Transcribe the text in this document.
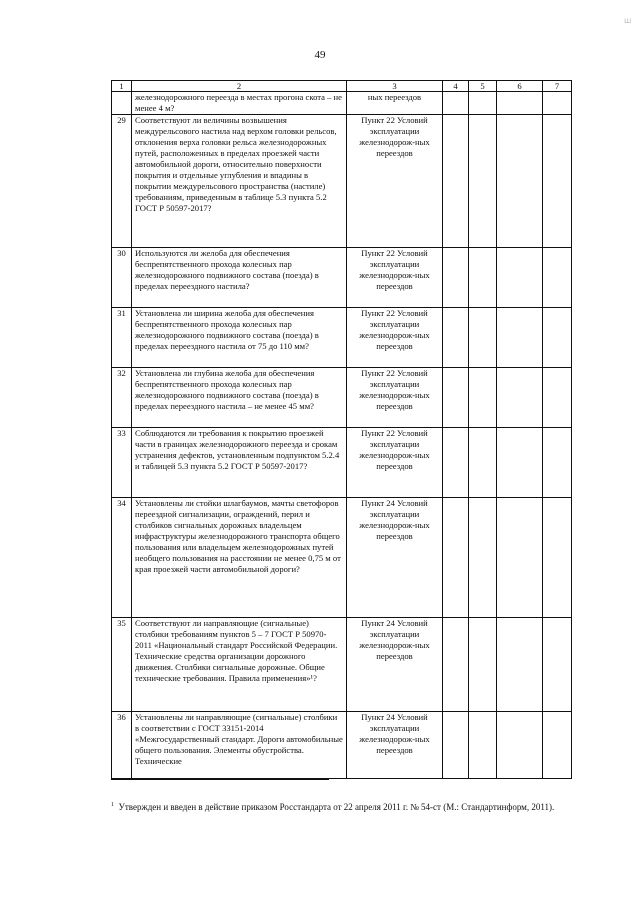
ш
49
1	2	3	4	5	6	7
	железнодорожного переезда в местах прогона скота – не менее 4 м?	ных переездов				
29	Соответствуют ли величины возвышения междурельсового настила над верхом головки рельсов, отклонения верха головки рельса железнодорожных путей, расположенных в пределах проезжей части автомобильной дороги, относительно поверхности покрытия и отдельные углубления и впадины в покрытии междурельсового пространства (настиле) требованиям, приведенным в таблице 5.3 пункта 5.2 ГОСТ Р 50597-2017?	Пункт 22 Условий эксплуатации железнодорож-ных переездов				
30	Используются ли желоба для обеспечения беспрепятственного прохода колесных пар железнодорожного подвижного состава (поезда) в пределах переездного настила?	Пункт 22 Условий эксплуатации железнодорож-ных переездов				
31	Установлена ли ширина желоба для обеспечения беспрепятственного прохода колесных пар железнодорожного подвижного состава (поезда) в пределах переездного настила от 75 до 110 мм?	Пункт 22 Условий эксплуатации железнодорож-ных переездов				
32	Установлена ли глубина желоба для обеспечения беспрепятственного прохода колесных пар железнодорожного подвижного состава (поезда) в пределах переездного настила – не менее 45 мм?	Пункт 22 Условий эксплуатации железнодорож-ных переездов				
33	Соблюдаются ли требования к покрытию проезжей части в границах железнодорожного переезда и срокам устранения дефектов, установленным подпунктом 5.2.4 и таблицей 5.3 пункта 5.2 ГОСТ Р 50597-2017?	Пункт 22 Условий эксплуатации железнодорож-ных переездов				
34	Установлены ли стойки шлагбаумов, мачты светофоров переездной сигнализации, ограждений, перил и столбиков сигнальных дорожных владельцем инфраструктуры железнодорожного транспорта общего пользования или владельцем железнодорожных путей необщего пользования на расстоянии не менее 0,75 м от края проезжей части автомобильной дороги?	Пункт 24 Условий эксплуатации железнодорож-ных переездов				
35	Соответствуют ли направляющие (сигнальные) столбики требованиям пунктов 5 – 7 ГОСТ Р 50970-2011 «Национальный стандарт Российской Федерации. Технические средства организации дорожного движения. Столбики сигнальные дорожные. Общие технические требования. Правила применения»¹?	Пункт 24 Условий эксплуатации железнодорож-ных переездов				
36	Установлены ли направляющие (сигнальные) столбики в соответствии с ГОСТ 33151-2014 «Межгосударственный стандарт. Дороги автомобильные общего пользования. Элементы обустройства. Технические	Пункт 24 Условий эксплуатации железнодорож-ных переездов				
$^1$ Утвержден и введен в действие приказом Росстандарта от 22 апреля 2011 г. № 54-ст (М.: Стандартинформ, 2011).
